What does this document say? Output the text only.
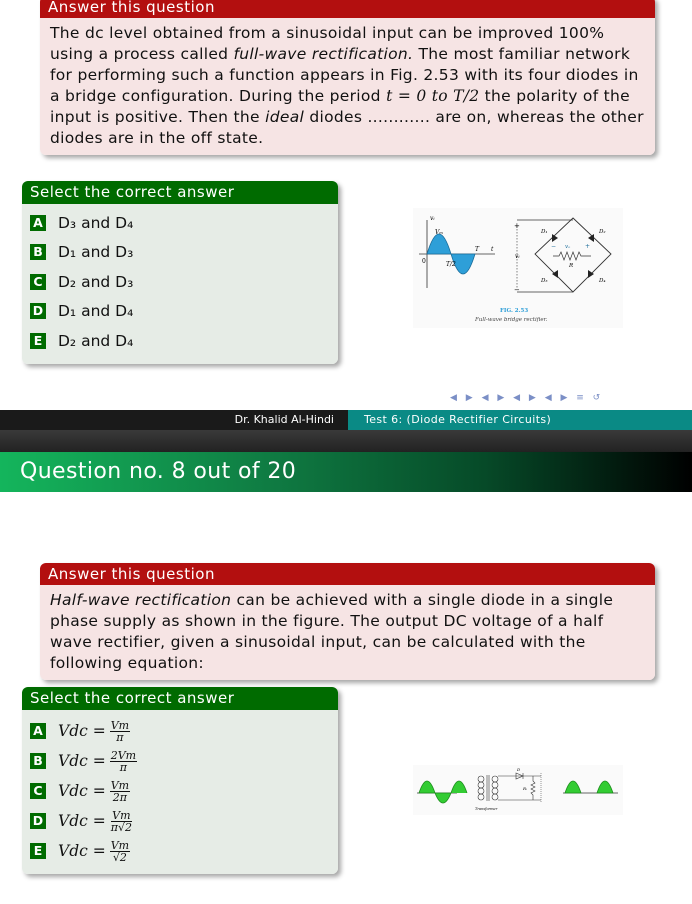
Answer this question
The dc level obtained from a sinusoidal input can be improved 100% using a process called full-wave rectification. The most familiar network for performing such a function appears in Fig. 2.53 with its four diodes in a bridge configuration. During the period t = 0 to T/2 the polarity of the input is positive. Then the ideal diodes ............ are on, whereas the other diodes are in the off state.
Select the correct answer
A D₃ and D₄
B D₁ and D₃
C D₂ and D₃
D D₁ and D₄
E D₂ and D₄
vᵢ
Vₘ
0	T/2
T t
+
vᵢ
−
D₁	D₂
D₃	D₄
R
− vₒ +
FIG. 2.53
Full-wave bridge rectifier.
◀ ▶ ◀ ▶ ◀ ▶ ◀ ▶ ≡ ↺
Dr. Khalid Al-Hindi	Test 6: (Diode Rectifier Circuits)
Question no. 8 out of 20
Answer this question
Half-wave rectification can be achieved with a single diode in a single phase supply as shown in the figure. The output DC voltage of a half wave rectifier, given a sinusoidal input, can be calculated with the following equation:
Select the correct answer
A Vdc = $\frac{Vm}{\pi}$
B Vdc = $\frac{2Vm}{\pi}$
C Vdc = $\frac{Vm}{2\pi}$
D Vdc = $\frac{Vm}{\pi√2}$
E Vdc = $\frac{Vm}{√2}$
Transformer
D
Rₗ
